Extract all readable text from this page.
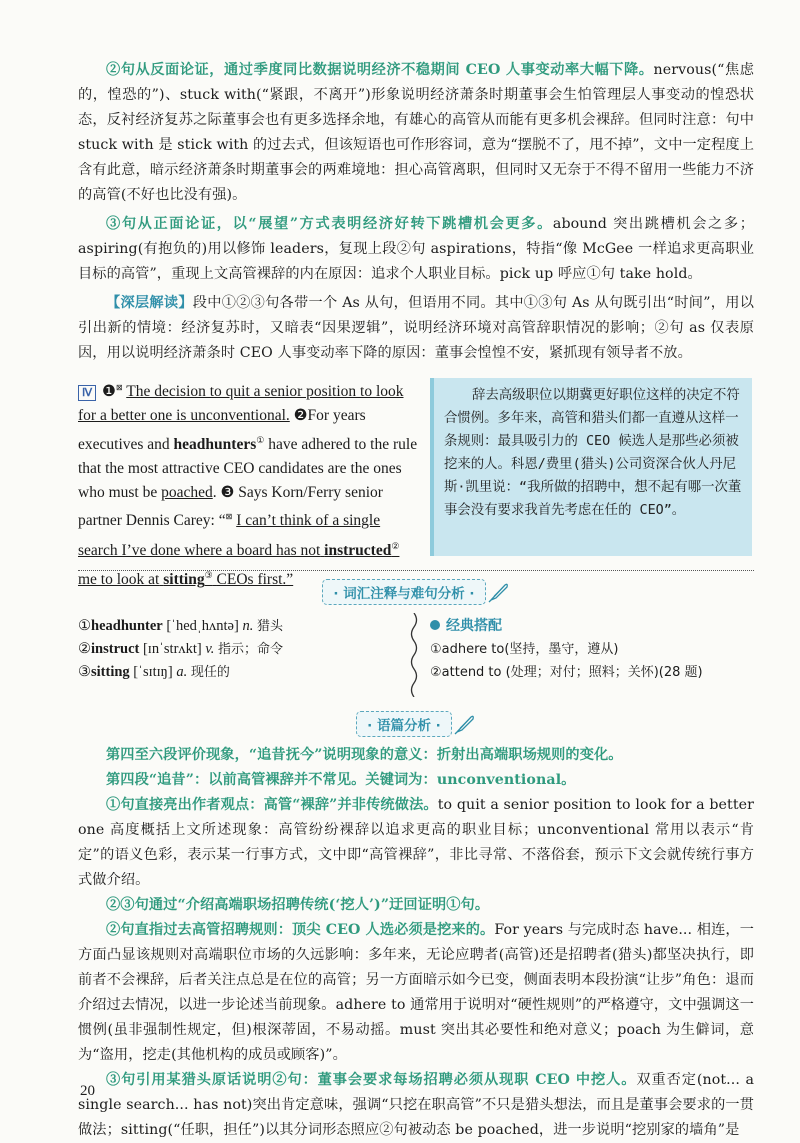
②句从反面论证，通过季度同比数据说明经济不稳期间 CEO 人事变动率大幅下降。nervous(“焦虑的，惶恐的”)、stuck with(“紧跟，不离开”)形象说明经济萧条时期董事会生怕管理层人事变动的惶恐状态，反衬经济复苏之际董事会也有更多选择余地，有雄心的高管从而能有更多机会裸辞。但同时注意：句中 stuck with 是 stick with 的过去式，但该短语也可作形容词，意为“摆脱不了，甩不掉”，文中一定程度上含有此意，暗示经济萧条时期董事会的两难境地：担心高管离职，但同时又无奈于不得不留用一些能力不济的高管(不好也比没有强)。

③句从正面论证，以“展望”方式表明经济好转下跳槽机会更多。abound 突出跳槽机会之多；aspiring(有抱负的)用以修饰 leaders，复现上段②句 aspirations，特指“像 McGee 一样追求更高职业目标的高管”，重现上文高管裸辞的内在原因：追求个人职业目标。pick up 呼应①句 take hold。

【深层解读】段中①②③句各带一个 As 从句，但语用不同。其中①③句 As 从句既引出“时间”，用以引出新的情境：经济复苏时，又暗表“因果逻辑”，说明经济环境对高管辞职情况的影响；②句 as 仅表原因，用以说明经济萧条时 CEO 人事变动率下降的原因：董事会惶惶不安，紧抓现有领导者不放。

Ⅳ ❶⊠ The decision to quit a senior position to look for a better one is unconventional. ❷For years executives and headhunters① have adhered to the rule that the most attractive CEO candidates are the ones who must be poached. ❸ Says Korn/Ferry senior partner Dennis Carey: “⊠ I can’t think of a single search I’ve done where a board has not instructed② me to look at sitting③ CEOs first.”
辞去高级职位以期冀更好职位这样的决定不符合惯例。多年来，高管和猎头们都一直遵从这样一条规则：最具吸引力的 CEO 候选人是那些必须被挖来的人。科恩/费里(猎头)公司资深合伙人丹尼斯·凯里说：“我所做的招聘中，想不起有哪一次董事会没有要求我首先考虑在任的 CEO”。
· 词汇注释与难句分析 ·
①headhunter [ˈhedˌhʌntə] n. 猎头
②instruct [ɪnˈstrʌkt] v. 指示；命令
③sitting [ˈsɪtɪŋ] a. 现任的
经典搭配
①adhere to(坚持，墨守，遵从)
②attend to (处理；对付；照料；关怀)(28 题)
· 语篇分析 ·

第四至六段评价现象，“追昔抚今”说明现象的意义：折射出高端职场规则的变化。

第四段“追昔”：以前高管裸辞并不常见。关键词为：unconventional。

①句直接亮出作者观点：高管“裸辞”并非传统做法。to quit a senior position to look for a better one 高度概括上文所述现象：高管纷纷裸辞以追求更高的职业目标；unconventional 常用以表示“肯定”的语义色彩，表示某一行事方式，文中即“高管裸辞”，非比寻常、不落俗套，预示下文会就传统行事方式做介绍。

②③句通过“介绍高端职场招聘传统(‘挖人’)”迂回证明①句。

②句直指过去高管招聘规则：顶尖 CEO 人选必须是挖来的。For years 与完成时态 have... 相连，一方面凸显该规则对高端职位市场的久远影响：多年来，无论应聘者(高管)还是招聘者(猎头)都坚决执行，即前者不会裸辞，后者关注点总是在位的高管；另一方面暗示如今已变，侧面表明本段扮演“让步”角色：退而介绍过去情况，以进一步论述当前现象。adhere to 通常用于说明对“硬性规则”的严格遵守，文中强调这一惯例(虽非强制性规定，但)根深蒂固，不易动摇。must 突出其必要性和绝对意义；poach 为生僻词，意为“盗用，挖走(其他机构的成员或顾客)”。

③句引用某猎头原话说明②句：董事会要求每场招聘必须从现职 CEO 中挖人。双重否定(not... a single search... has not)突出肯定意味，强调“只挖在职高管”不只是猎头想法，而且是董事会要求的一贯做法；sitting(“任职，担任”)以其分词形态照应②句被动态 be poached，进一步说明“挖别家的墙角”是

20
